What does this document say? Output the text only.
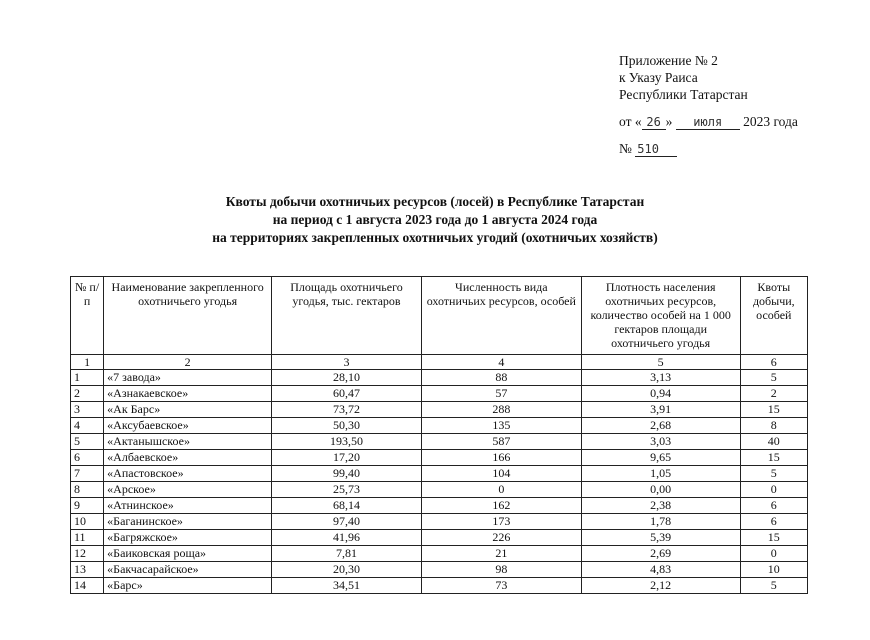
Приложение № 2
к Указу Раиса
Республики Татарстан
от « 26 » июля 2023 года
№ 510
Квоты добычи охотничьих ресурсов (лосей) в Республике Татарстан
на период с 1 августа 2023 года до 1 августа 2024 года
на территориях закрепленных охотничьих угодий (охотничьих хозяйств)
№ п/п	Наименование закрепленного охотничьего угодья	Площадь охотничьего угодья, тыс. гектаров	Численность вида охотничьих ресурсов, особей	Плотность населения охотничьих ресурсов, количество особей на 1 000 гектаров площади охотничьего угодья	Квоты добычи, особей
1	2	3	4	5	6
1	«7 завода»	28,10	88	3,13	5
2	«Азнакаевское»	60,47	57	0,94	2
3	«Ак Барс»	73,72	288	3,91	15
4	«Аксубаевское»	50,30	135	2,68	8
5	«Актанышское»	193,50	587	3,03	40
6	«Албаевское»	17,20	166	9,65	15
7	«Апастовское»	99,40	104	1,05	5
8	«Арское»	25,73	0	0,00	0
9	«Атнинское»	68,14	162	2,38	6
10	«Баганинское»	97,40	173	1,78	6
11	«Багряжское»	41,96	226	5,39	15
12	«Баиковская роща»	7,81	21	2,69	0
13	«Бакчасарайское»	20,30	98	4,83	10
14	«Барс»	34,51	73	2,12	5
